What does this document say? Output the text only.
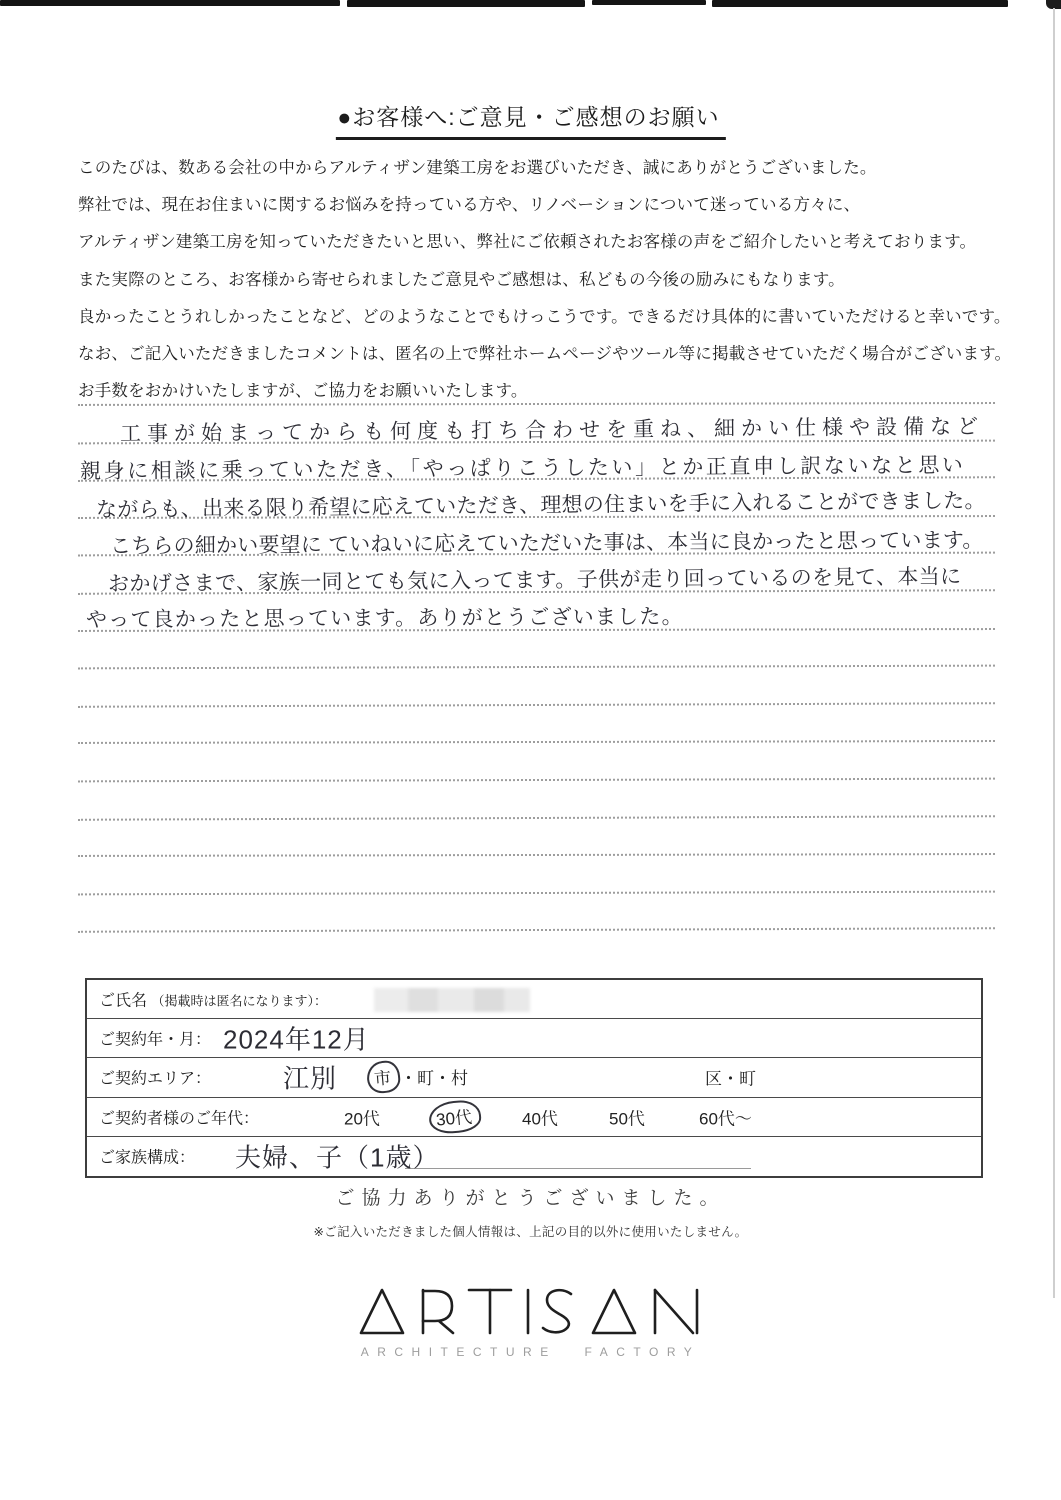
●お客様へ:ご意見・ご感想のお願い
このたびは、数ある会社の中からアルティザン建築工房をお選びいただき、誠にありがとうございました。
弊社では、現在お住まいに関するお悩みを持っている方や、リノベーションについて迷っている方々に、
アルティザン建築工房を知っていただきたいと思い、弊社にご依頼されたお客様の声をご紹介したいと考えております。
また実際のところ、お客様から寄せられましたご意見やご感想は、私どもの今後の励みにもなります。
良かったことうれしかったことなど、どのようなことでもけっこうです。できるだけ具体的に書いていただけると幸いです。
なお、ご記入いただきましたコメントは、匿名の上で弊社ホームページやツール等に掲載させていただく場合がございます。
お手数をおかけいたしますが、ご協力をお願いいたします。
工事が始まってからも何度も打ち合わせを重ね、細かい仕様や設備など
親身に相談に乗っていただき、「やっぱりこうしたい」とか正直申し訳ないなと思い
ながらも、出来る限り希望に応えていただき、理想の住まいを手に入れることができました。
こちらの細かい要望に ていねいに応えていただいた事は、本当に良かったと思っています。
おかげさまで、家族一同とても気に入ってます。子供が走り回っているのを見て、本当に
やって良かったと思っています。ありがとうございました。
ご氏名 （掲載時は匿名になります）：
ご契約年・月： 2024年12月
ご契約エリア：	江別	市 ・町・村	区・町
ご契約者様のご年代：	20代	30代	40代	50代	60代～
ご家族構成： 夫婦、子（1歳）
ご協力ありがとうございました。
※ご記入いただきました個人情報は、上記の目的以外に使用いたしません。
ARCHITECTURE FACTORY
